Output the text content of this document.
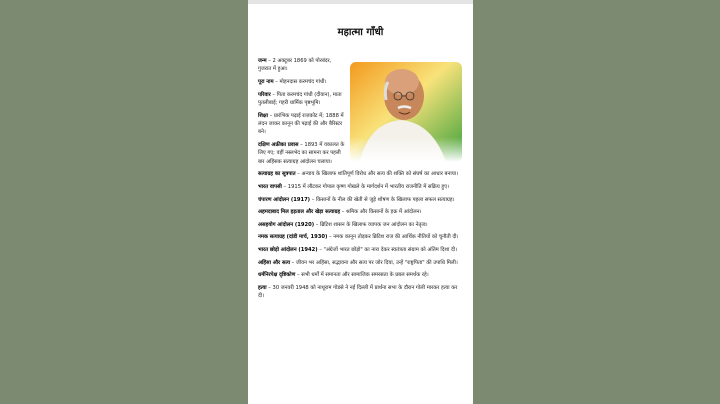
महात्मा गाँधी
जन्म – 2 अक्टूबर 1869 को पोरबंदर, गुजरात में हुआ।
पूरा नाम – मोहनदास करमचंद गांधी।
परिवार – पिता करमचंद गांधी (दीवान), माता पुतलीबाई; गहरी धार्मिक पृष्ठभूमि।
शिक्षा – प्रारंभिक पढ़ाई राजकोट में; 1888 में लंदन जाकर कानून की पढ़ाई की और बैरिस्टर बने।
दक्षिण अफ्रीका प्रवास – 1893 में वकालत के लिए गए; वहीं नस्लभेद का सामना कर पहली बार अहिंसक सत्याग्रह आंदोलन चलाया।
सत्याग्रह का सूत्रपात – अन्याय के खिलाफ शांतिपूर्ण विरोध और सत्य की शक्ति को संघर्ष का आधार बनाया।
भारत वापसी – 1915 में लौटकर गोपाल कृष्ण गोखले के मार्गदर्शन में भारतीय राजनीति में सक्रिय हुए।
चंपारण आंदोलन (1917) – किसानों के नील की खेती से जुड़े शोषण के खिलाफ पहला सफल सत्याग्रह।
अहमदाबाद मिल हड़ताल और खेड़ा सत्याग्रह – श्रमिक और किसानों के हक़ में आंदोलन।
असहयोग आंदोलन (1920) – ब्रिटिश शासन के खिलाफ व्यापक जन आंदोलन का नेतृत्व।
नमक सत्याग्रह (दांडी मार्च, 1930) – नमक कानून तोड़कर ब्रिटिश राज की आर्थिक नीतियों को चुनौती दी।
भारत छोड़ो आंदोलन (1942) – "अंग्रेजों भारत छोड़ो" का नारा देकर स्वतंत्रता संग्राम को अंतिम दिशा दी।
अहिंसा और सत्य – जीवन भर अहिंसा, सद्भावना और सत्य पर जोर दिया, उन्हें "राष्ट्रपिता" की उपाधि मिली।
धर्मनिरपेक्ष दृष्टिकोण – सभी धर्मों में समानता और सामाजिक समरसता के प्रबल समर्थक रहे।
हत्या – 30 जनवरी 1948 को नाथूराम गोडसे ने नई दिल्ली में प्रार्थना सभा के दौरान गोली मारकर हत्या कर दी।
